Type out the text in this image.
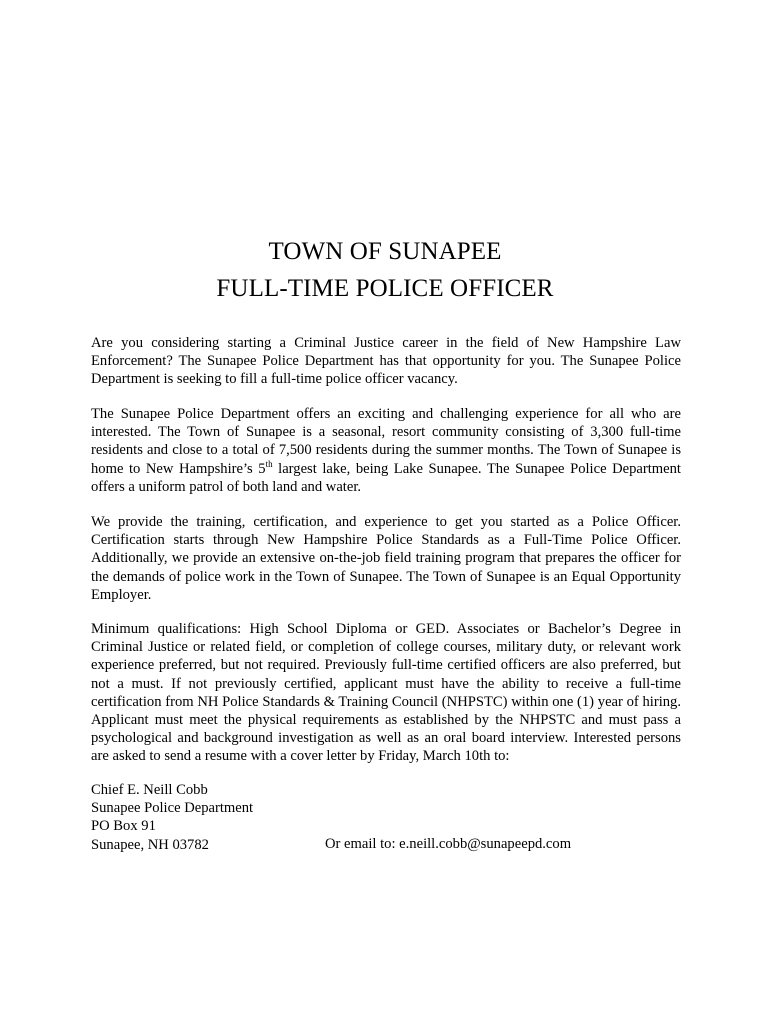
TOWN OF SUNAPEE
FULL-TIME POLICE OFFICER
Are you considering starting a Criminal Justice career in the field of New Hampshire Law Enforcement? The Sunapee Police Department has that opportunity for you. The Sunapee Police Department is seeking to fill a full-time police officer vacancy.
The Sunapee Police Department offers an exciting and challenging experience for all who are interested. The Town of Sunapee is a seasonal, resort community consisting of 3,300 full-time residents and close to a total of 7,500 residents during the summer months. The Town of Sunapee is home to New Hampshire’s 5th largest lake, being Lake Sunapee. The Sunapee Police Department offers a uniform patrol of both land and water.
We provide the training, certification, and experience to get you started as a Police Officer. Certification starts through New Hampshire Police Standards as a Full-Time Police Officer. Additionally, we provide an extensive on-the-job field training program that prepares the officer for the demands of police work in the Town of Sunapee. The Town of Sunapee is an Equal Opportunity Employer.
Minimum qualifications: High School Diploma or GED. Associates or Bachelor’s Degree in Criminal Justice or related field, or completion of college courses, military duty, or relevant work experience preferred, but not required. Previously full-time certified officers are also preferred, but not a must. If not previously certified, applicant must have the ability to receive a full-time certification from NH Police Standards & Training Council (NHPSTC) within one (1) year of hiring. Applicant must meet the physical requirements as established by the NHPSTC and must pass a psychological and background investigation as well as an oral board interview. Interested persons are asked to send a resume with a cover letter by Friday, March 10th to:
Chief E. Neill Cobb
Sunapee Police Department
PO Box 91
Sunapee, NH 03782	Or email to: e.neill.cobb@sunapeepd.com
